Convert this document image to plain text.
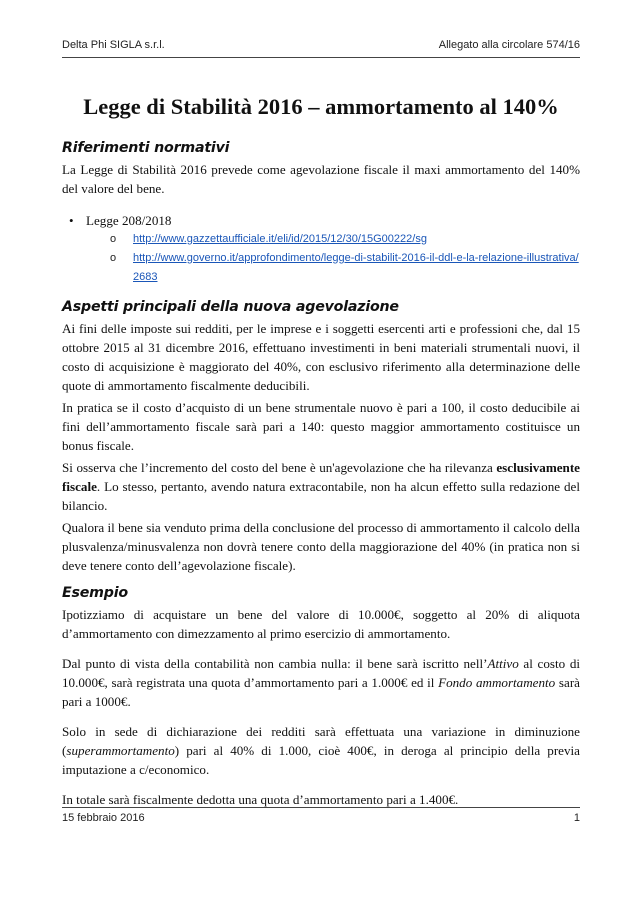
Delta Phi SIGLA s.r.l.	Allegato alla circolare 574/16
Legge di Stabilità 2016 – ammortamento al 140%
Riferimenti normativi

La Legge di Stabilità 2016 prevede come agevolazione fiscale il maxi ammortamento del 140% del valore del bene.

• Legge 208/2018
o http://www.gazzettaufficiale.it/eli/id/2015/12/30/15G00222/sg
o http://www.governo.it/approfondimento/legge-di-stabilit-2016-il-ddl-e-la-relazione-illustrativa/2683
Aspetti principali della nuova agevolazione

Ai fini delle imposte sui redditi, per le imprese e i soggetti esercenti arti e professioni che, dal 15 ottobre 2015 al 31 dicembre 2016, effettuano investimenti in beni materiali strumentali nuovi, il costo di acquisizione è maggiorato del 40%, con esclusivo riferimento alla determinazione delle quote di ammortamento fiscalmente deducibili.

In pratica se il costo d’acquisto di un bene strumentale nuovo è pari a 100, il costo deducibile ai fini dell’ammortamento fiscale sarà pari a 140: questo maggior ammortamento costituisce un bonus fiscale.

Si osserva che l’incremento del costo del bene è un'agevolazione che ha rilevanza esclusivamente fiscale. Lo stesso, pertanto, avendo natura extracontabile, non ha alcun effetto sulla redazione del bilancio.

Qualora il bene sia venduto prima della conclusione del processo di ammortamento il calcolo della plusvalenza/minusvalenza non dovrà tenere conto della maggiorazione del 40% (in pratica non si deve tenere conto dell’agevolazione fiscale).

Esempio

Ipotizziamo di acquistare un bene del valore di 10.000€, soggetto al 20% di aliquota d’ammortamento con dimezzamento al primo esercizio di ammortamento.

Dal punto di vista della contabilità non cambia nulla: il bene sarà iscritto nell’Attivo al costo di 10.000€, sarà registrata una quota d’ammortamento pari a 1.000€ ed il Fondo ammortamento sarà pari a 1000€.

Solo in sede di dichiarazione dei redditi sarà effettuata una variazione in diminuzione (superammortamento) pari al 40% di 1.000, cioè 400€, in deroga al principio della previa imputazione a c/economico.

In totale sarà fiscalmente dedotta una quota d’ammortamento pari a 1.400€.

15 febbraio 2016	1
